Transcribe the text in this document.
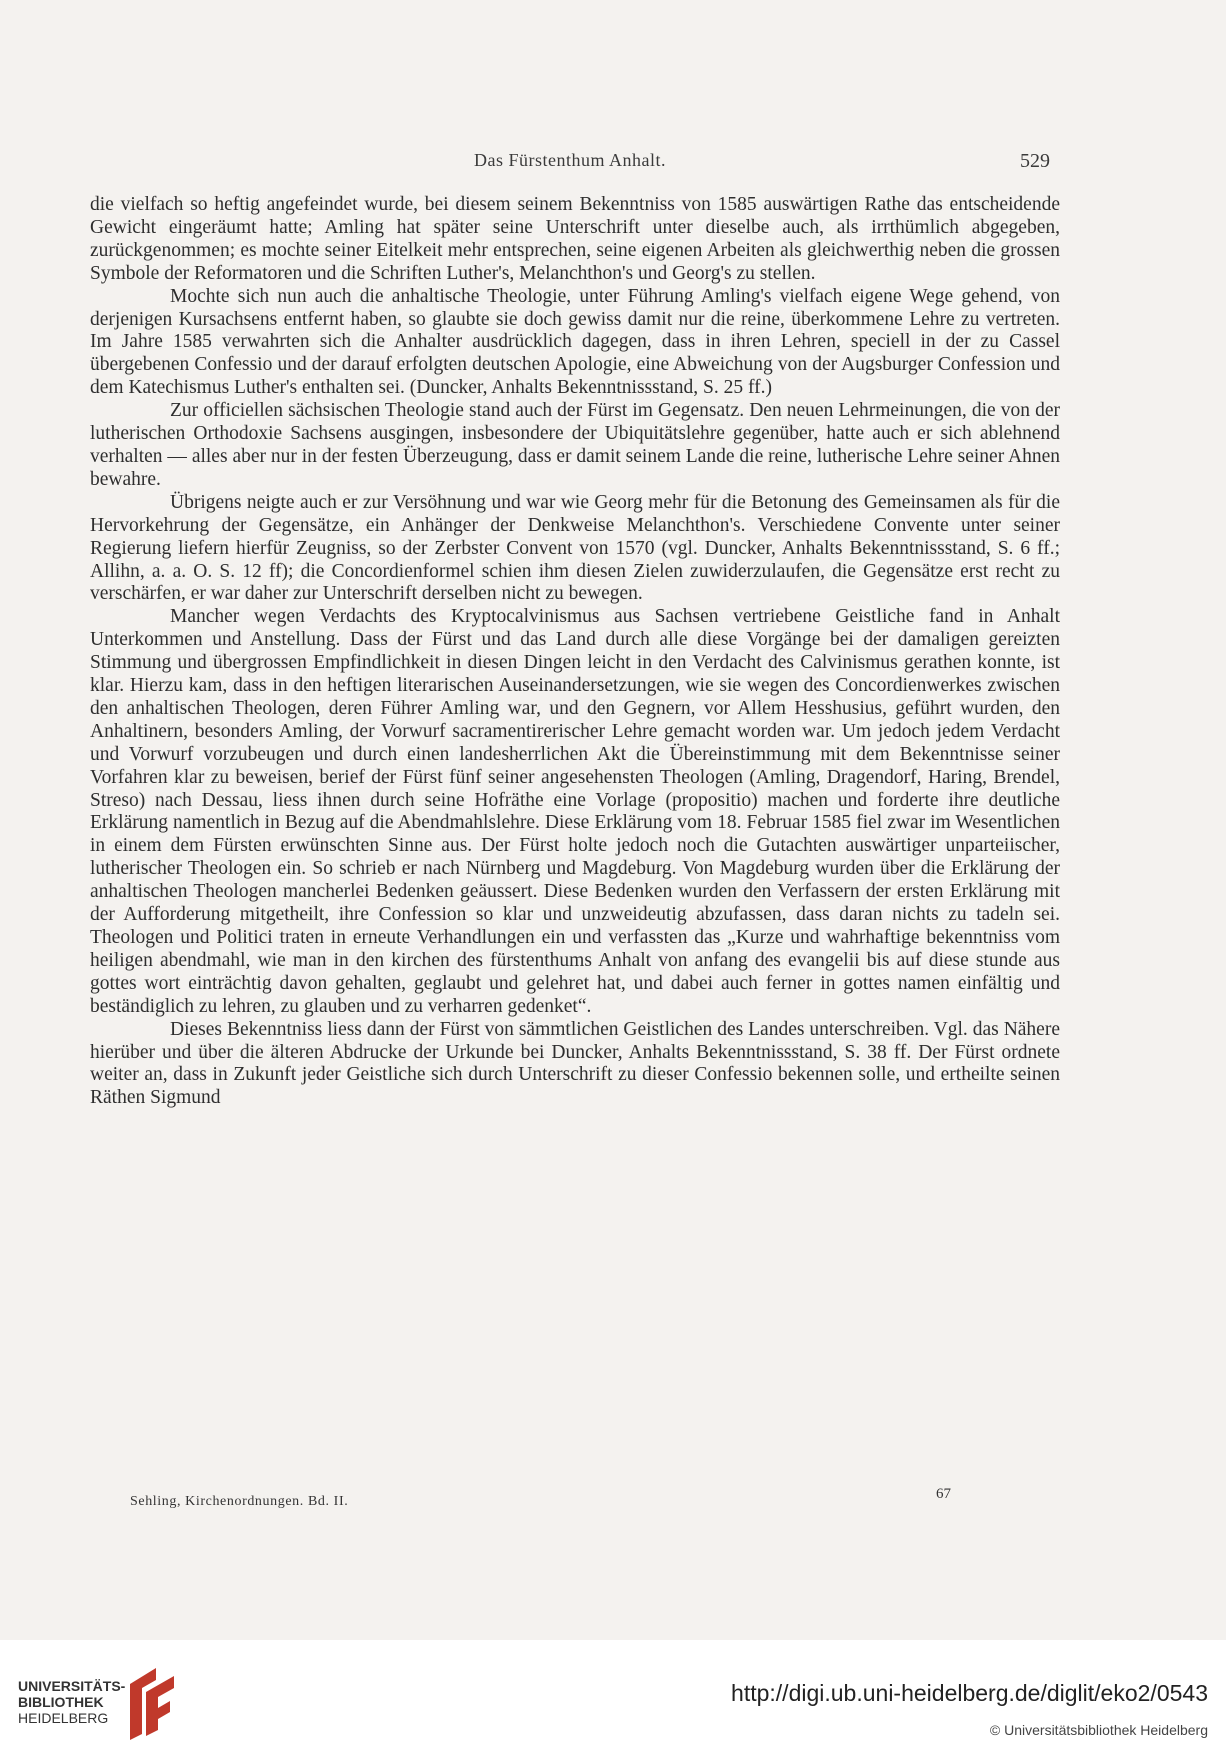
Das Fürstenthum Anhalt.	529

die vielfach so heftig angefeindet wurde, bei diesem seinem Bekenntniss von 1585 auswärtigen Rathe das entscheidende Gewicht eingeräumt hatte; Amling hat später seine Unterschrift unter dieselbe auch, als irrthümlich abgegeben, zurückgenommen; es mochte seiner Eitelkeit mehr entsprechen, seine eigenen Arbeiten als gleichwerthig neben die grossen Symbole der Reformatoren und die Schriften Luther's, Melanchthon's und Georg's zu stellen.

Mochte sich nun auch die anhaltische Theologie, unter Führung Amling's vielfach eigene Wege gehend, von derjenigen Kursachsens entfernt haben, so glaubte sie doch gewiss damit nur die reine, überkommene Lehre zu vertreten. Im Jahre 1585 verwahrten sich die Anhalter ausdrücklich dagegen, dass in ihren Lehren, speciell in der zu Cassel übergebenen Confessio und der darauf erfolgten deutschen Apologie, eine Abweichung von der Augsburger Confession und dem Katechismus Luther's enthalten sei. (Duncker, Anhalts Bekenntnissstand, S. 25 ff.)

Zur officiellen sächsischen Theologie stand auch der Fürst im Gegensatz. Den neuen Lehrmeinungen, die von der lutherischen Orthodoxie Sachsens ausgingen, insbesondere der Ubiquitätslehre gegenüber, hatte auch er sich ablehnend verhalten — alles aber nur in der festen Überzeugung, dass er damit seinem Lande die reine, lutherische Lehre seiner Ahnen bewahre.

Übrigens neigte auch er zur Versöhnung und war wie Georg mehr für die Betonung des Gemeinsamen als für die Hervorkehrung der Gegensätze, ein Anhänger der Denkweise Melanchthon's. Verschiedene Convente unter seiner Regierung liefern hierfür Zeugniss, so der Zerbster Convent von 1570 (vgl. Duncker, Anhalts Bekenntnissstand, S. 6 ff.; Allihn, a. a. O. S. 12 ff); die Concordienformel schien ihm diesen Zielen zuwiderzulaufen, die Gegensätze erst recht zu verschärfen, er war daher zur Unterschrift derselben nicht zu bewegen.

Mancher wegen Verdachts des Kryptocalvinismus aus Sachsen vertriebene Geistliche fand in Anhalt Unterkommen und Anstellung. Dass der Fürst und das Land durch alle diese Vorgänge bei der damaligen gereizten Stimmung und übergrossen Empfindlichkeit in diesen Dingen leicht in den Verdacht des Calvinismus gerathen konnte, ist klar. Hierzu kam, dass in den heftigen literarischen Auseinandersetzungen, wie sie wegen des Concordienwerkes zwischen den anhaltischen Theologen, deren Führer Amling war, und den Gegnern, vor Allem Hesshusius, geführt wurden, den Anhaltinern, besonders Amling, der Vorwurf sacramentirerischer Lehre gemacht worden war. Um jedoch jedem Verdacht und Vorwurf vorzubeugen und durch einen landesherrlichen Akt die Übereinstimmung mit dem Bekenntnisse seiner Vorfahren klar zu beweisen, berief der Fürst fünf seiner angesehensten Theologen (Amling, Dragendorf, Haring, Brendel, Streso) nach Dessau, liess ihnen durch seine Hofräthe eine Vorlage (propositio) machen und forderte ihre deutliche Erklärung namentlich in Bezug auf die Abendmahlslehre. Diese Erklärung vom 18. Februar 1585 fiel zwar im Wesentlichen in einem dem Fürsten erwünschten Sinne aus. Der Fürst holte jedoch noch die Gutachten auswärtiger unparteiischer, lutherischer Theologen ein. So schrieb er nach Nürnberg und Magdeburg. Von Magdeburg wurden über die Erklärung der anhaltischen Theologen mancherlei Bedenken geäussert. Diese Bedenken wurden den Verfassern der ersten Erklärung mit der Aufforderung mitgetheilt, ihre Confession so klar und unzweideutig abzufassen, dass daran nichts zu tadeln sei. Theologen und Politici traten in erneute Verhandlungen ein und verfassten das „Kurze und wahrhaftige bekenntniss vom heiligen abendmahl, wie man in den kirchen des fürstenthums Anhalt von anfang des evangelii bis auf diese stunde aus gottes wort einträchtig davon gehalten, geglaubt und gelehret hat, und dabei auch ferner in gottes namen einfältig und beständiglich zu lehren, zu glauben und zu verharren gedenket“.

Dieses Bekenntniss liess dann der Fürst von sämmtlichen Geistlichen des Landes unterschreiben. Vgl. das Nähere hierüber und über die älteren Abdrucke der Urkunde bei Duncker, Anhalts Bekenntnissstand, S. 38 ff. Der Fürst ordnete weiter an, dass in Zukunft jeder Geistliche sich durch Unterschrift zu dieser Confessio bekennen solle, und ertheilte seinen Räthen Sigmund

Sehling, Kirchenordnungen. Bd. II.	67
UNIVERSITÄTS-
BIBLIOTHEK
HEIDELBERG
http://digi.ub.uni-heidelberg.de/diglit/eko2/0543
© Universitätsbibliothek Heidelberg
